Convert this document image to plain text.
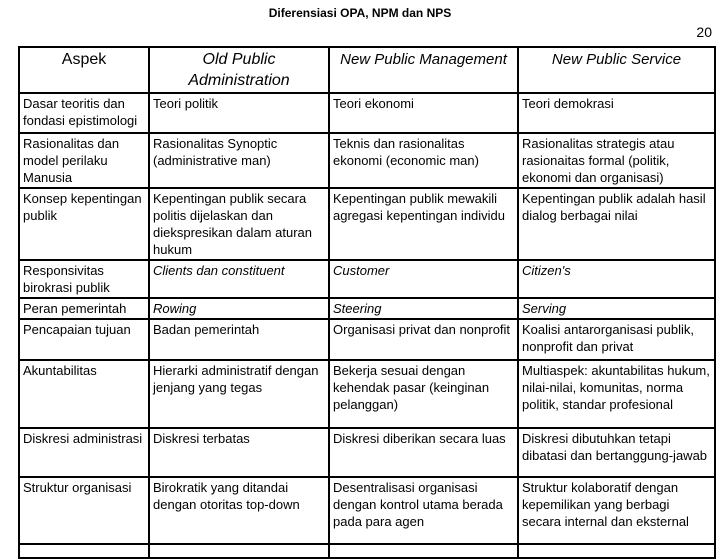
Diferensiasi OPA, NPM dan NPS
20
Aspek	Old Public Administration	New Public Management	New Public Service
Dasar teoritis dan fondasi epistimologi	Teori politik	Teori ekonomi	Teori demokrasi
Rasionalitas dan model perilaku Manusia	Rasionalitas Synoptic (administrative man)	Teknis dan rasionalitas ekonomi (economic man)	Rasionalitas strategis atau rasionaitas formal (politik, ekonomi dan organisasi)
Konsep kepentingan publik	Kepentingan publik secara politis dijelaskan dan diekspresikan dalam aturan hukum	Kepentingan publik mewakili agregasi kepentingan individu	Kepentingan publik adalah hasil dialog berbagai nilai
Responsivitas birokrasi publik	Clients dan constituent	Customer	Citizen's
Peran pemerintah	Rowing	Steering	Serving
Pencapaian tujuan	Badan pemerintah	Organisasi privat dan nonprofit	Koalisi antarorganisasi publik, nonprofit dan privat
Akuntabilitas	Hierarki administratif dengan jenjang yang tegas	Bekerja sesuai dengan kehendak pasar (keinginan pelanggan)	Multiaspek: akuntabilitas hukum, nilai-nilai, komunitas, norma politik, standar profesional
Diskresi administrasi	Diskresi terbatas	Diskresi diberikan secara luas	Diskresi dibutuhkan tetapi dibatasi dan bertanggung-jawab
Struktur organisasi	Birokratik yang ditandai dengan otoritas top-down	Desentralisasi organisasi dengan kontrol utama berada pada para agen	Struktur kolaboratif dengan kepemilikan yang berbagi secara internal dan eksternal
